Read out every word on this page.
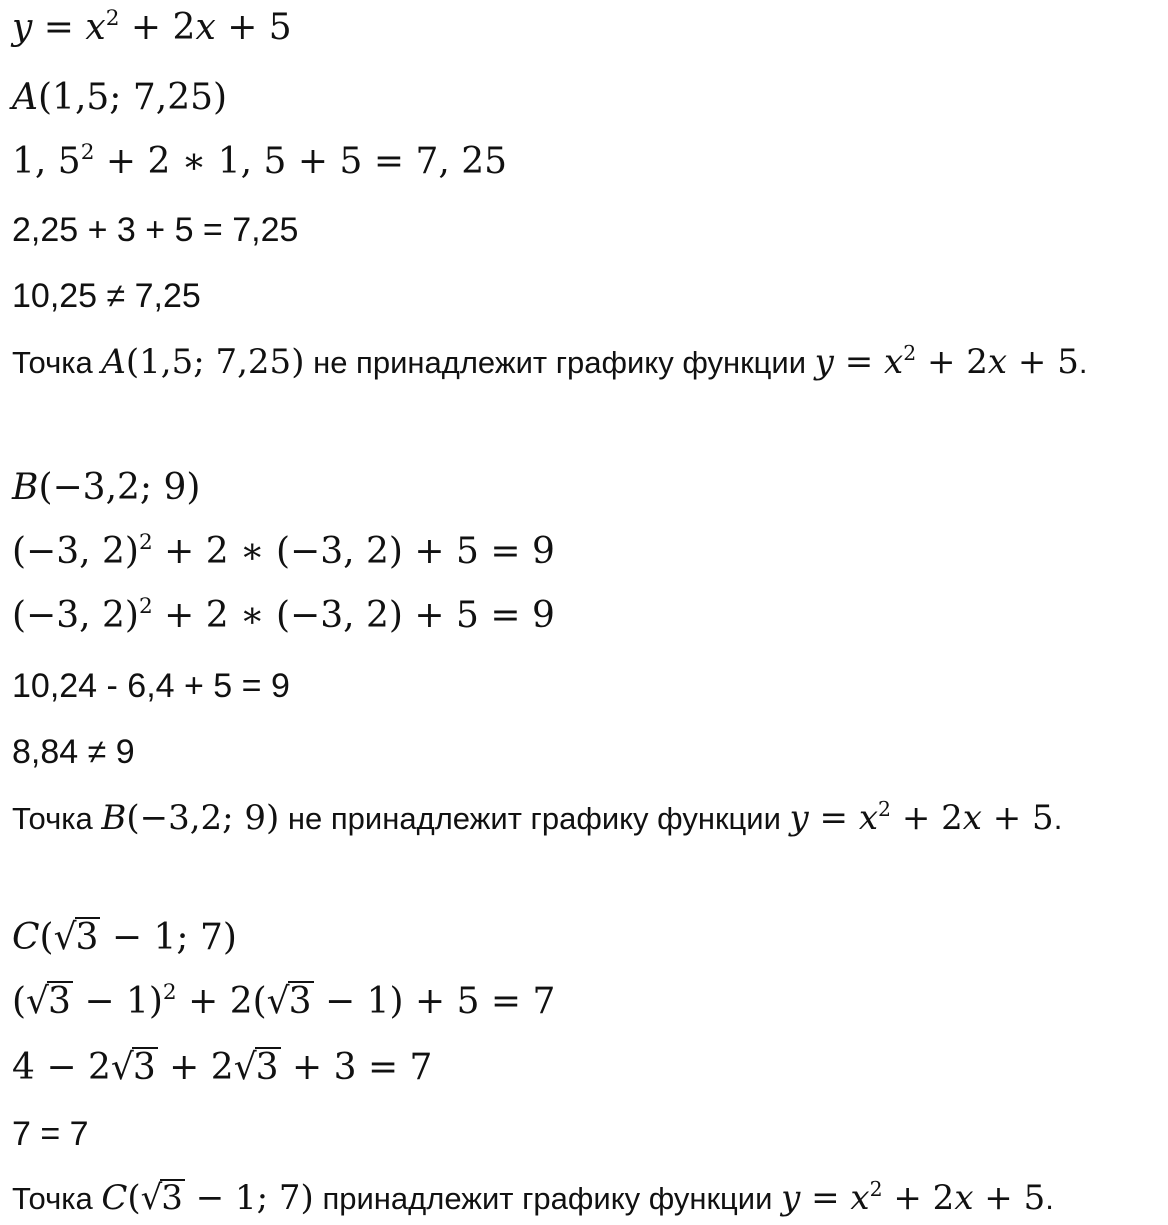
$y = x^2 + 2x + 5$
A(1,5; 7,25)
1, $5^2 + 2$ ∗ 1, 5 + 5 = 7, 25
2,25 + 3 + 5 = 7,25
10,25 ≠ 7,25
Точка A(1,5; 7,25) не принадлежит графику функции $y = x^2 + 2x + 5$.
B(−3,2; 9)
(−3, 2)$^2$ + 2 ∗ (−3, 2) + 5 = 9
(−3, 2)$^2$ + 2 ∗ (−3, 2) + 5 = 9
10,24 - 6,4 + 5 = 9
8,84 ≠ 9
Точка B(−3,2; 9) не принадлежит графику функции $y = x^2 + 2x + 5$.
C(√3 − 1; 7)
$(√3 - 1)^2 + 2(√3 - 1) + 5 = 7$
4 − 2√3 + 2√3 + 3 = 7
7 = 7
Точка C(√3 − 1; 7) принадлежит графику функции $y = x^2 + 2x + 5$.
